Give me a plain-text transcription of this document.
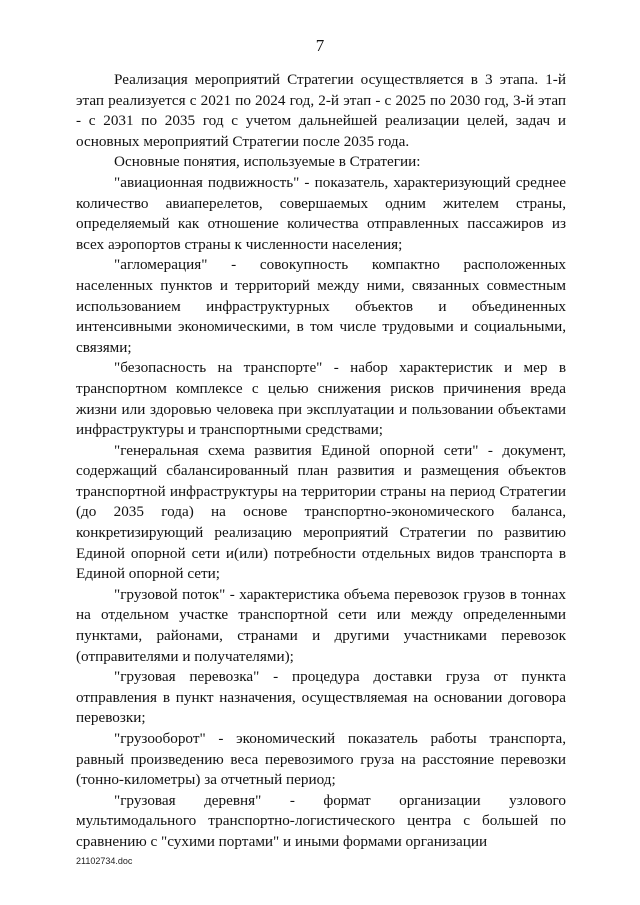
7

Реализация мероприятий Стратегии осуществляется в 3 этапа. 1-й этап реализуется с 2021 по 2024 год, 2-й этап - с 2025 по 2030 год, 3-й этап - с 2031 по 2035 год с учетом дальнейшей реализации целей, задач и основных мероприятий Стратегии после 2035 года.

Основные понятия, используемые в Стратегии:

"авиационная подвижность" - показатель, характеризующий среднее количество авиаперелетов, совершаемых одним жителем страны, определяемый как отношение количества отправленных пассажиров из всех аэропортов страны к численности населения;

"агломерация" - совокупность компактно расположенных населенных пунктов и территорий между ними, связанных совместным использованием инфраструктурных объектов и объединенных интенсивными экономическими, в том числе трудовыми и социальными, связями;

"безопасность на транспорте" - набор характеристик и мер в транспортном комплексе с целью снижения рисков причинения вреда жизни или здоровью человека при эксплуатации и пользовании объектами инфраструктуры и транспортными средствами;

"генеральная схема развития Единой опорной сети" - документ, содержащий сбалансированный план развития и размещения объектов транспортной инфраструктуры на территории страны на период Стратегии (до 2035 года) на основе транспортно-экономического баланса, конкретизирующий реализацию мероприятий Стратегии по развитию Единой опорной сети и(или) потребности отдельных видов транспорта в Единой опорной сети;

"грузовой поток" - характеристика объема перевозок грузов в тоннах на отдельном участке транспортной сети или между определенными пунктами, районами, странами и другими участниками перевозок (отправителями и получателями);

"грузовая перевозка" - процедура доставки груза от пункта отправления в пункт назначения, осуществляемая на основании договора перевозки;

"грузооборот" - экономический показатель работы транспорта, равный произведению веса перевозимого груза на расстояние перевозки (тонно-километры) за отчетный период;

"грузовая деревня" - формат организации узлового мультимодального транспортно-логистического центра с большей по сравнению с "сухими портами" и иными формами организации

21102734.doc
